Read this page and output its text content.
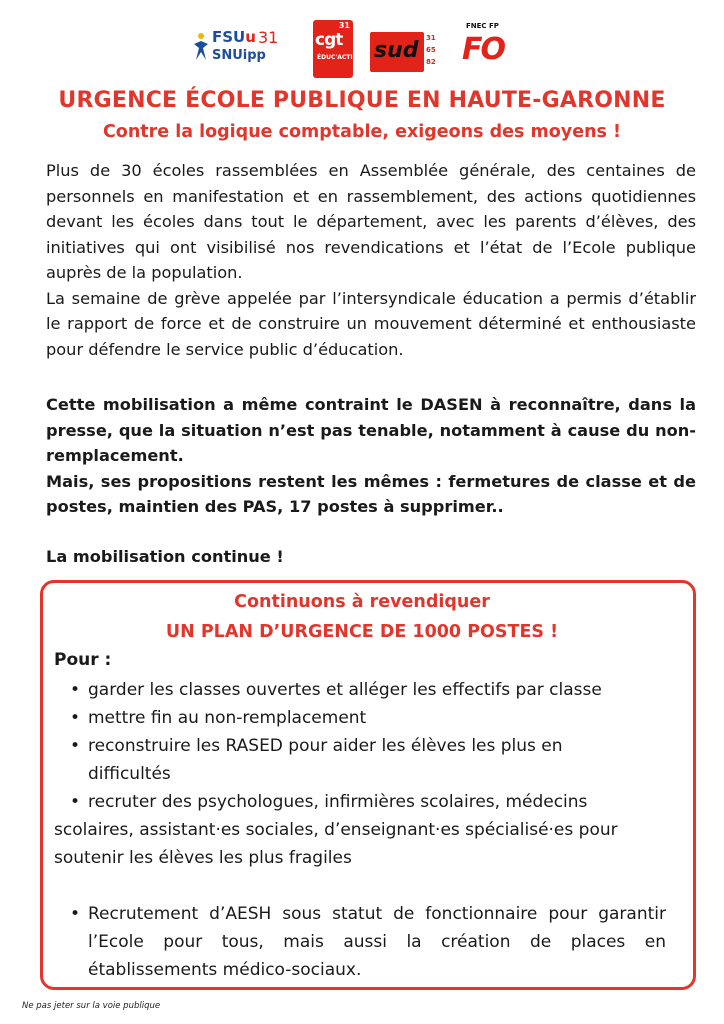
FSUu 31
SNUipp
31
cgt
ÉDUC'ACTION sud 31
65
82
FNEC FP
FO
URGENCE ÉCOLE PUBLIQUE EN HAUTE-GARONNE
Contre la logique comptable, exigeons des moyens !

Plus de 30 écoles rassemblées en Assemblée générale, des centaines de personnels en manifestation et en rassemblement, des actions quotidiennes devant les écoles dans tout le département, avec les parents d’élèves, des initiatives qui ont visibilisé nos revendications et l’état de l’Ecole publique auprès de la population.

La semaine de grève appelée par l’intersyndicale éducation a permis d’établir le rapport de force et de construire un mouvement déterminé et enthousiaste pour défendre le service public d’éducation.

Cette mobilisation a même contraint le DASEN à reconnaître, dans la presse, que la situation n’est pas tenable, notamment à cause du non-remplacement.

Mais, ses propositions restent les mêmes : fermetures de classe et de postes, maintien des PAS, 17 postes à supprimer..

La mobilisation continue !
Continuons à revendiquer
UN PLAN D’URGENCE DE 1000 POSTES !
Pour :
• garder les classes ouvertes et alléger les effectifs par classe
• mettre fin au non-remplacement
• reconstruire les RASED pour aider les élèves les plus en difficultés
• recruter des psychologues, infirmières scolaires, médecins scolaires, assistant·es sociales, d’enseignant·es spécialisé·es pour soutenir les élèves les plus fragiles
• Recrutement d’AESH sous statut de fonctionnaire pour garantir l’Ecole pour tous, mais aussi la création de places en établissements médico-sociaux.
Ne pas jeter sur la voie publique
